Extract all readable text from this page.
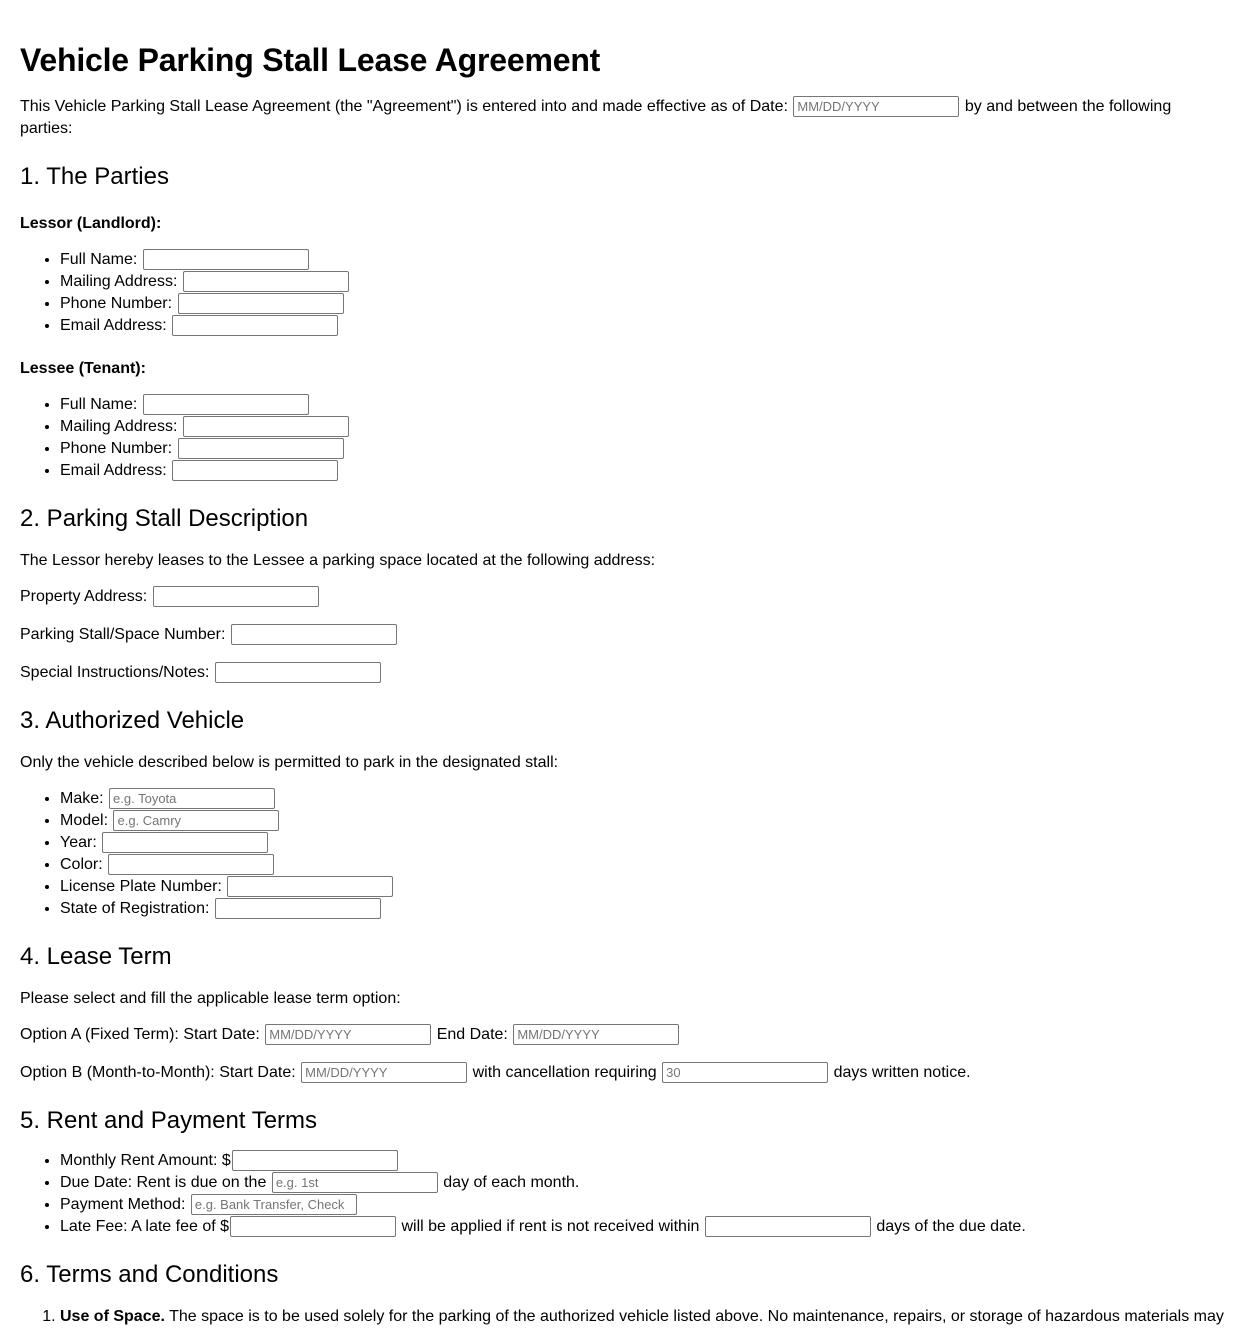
Vehicle Parking Stall Lease Agreement

This Vehicle Parking Stall Lease Agreement (the "Agreement") is entered into and made effective as of Date: MM/DD/YYYY	by and between the following parties:

1. The Parties

Lessor (Landlord):

• Full Name:
• Mailing Address:
• Phone Number:
• Email Address:

Lessee (Tenant):

• Full Name:
• Mailing Address:
• Phone Number:
• Email Address:
2. Parking Stall Description

The Lessor hereby leases to the Lessee a parking space located at the following address:

Property Address:

Parking Stall/Space Number:

Special Instructions/Notes:

3. Authorized Vehicle

Only the vehicle described below is permitted to park in the designated stall:

• Make: e.g. Toyota
• Model: e.g. Camry
• Year:
• Color:
• License Plate Number:
• State of Registration:
4. Lease Term

Please select and fill the applicable lease term option:

Option A (Fixed Term): Start Date: MM/DD/YYYY	End Date: MM/DD/YYYY

Option B (Month-to-Month): Start Date: MM/DD/YYYY	with cancellation requiring 30	days written notice.

5. Rent and Payment Terms
• Monthly Rent Amount: $
• Due Date: Rent is due on the e.g. 1st	day of each month.
• Payment Method: e.g. Bank Transfer, Check
• Late Fee: A late fee of $	will be applied if rent is not received within	days of the due date.
6. Terms and Conditions
1. Use of Space. The space is to be used solely for the parking of the authorized vehicle listed above. No maintenance, repairs, or storage of hazardous materials may
